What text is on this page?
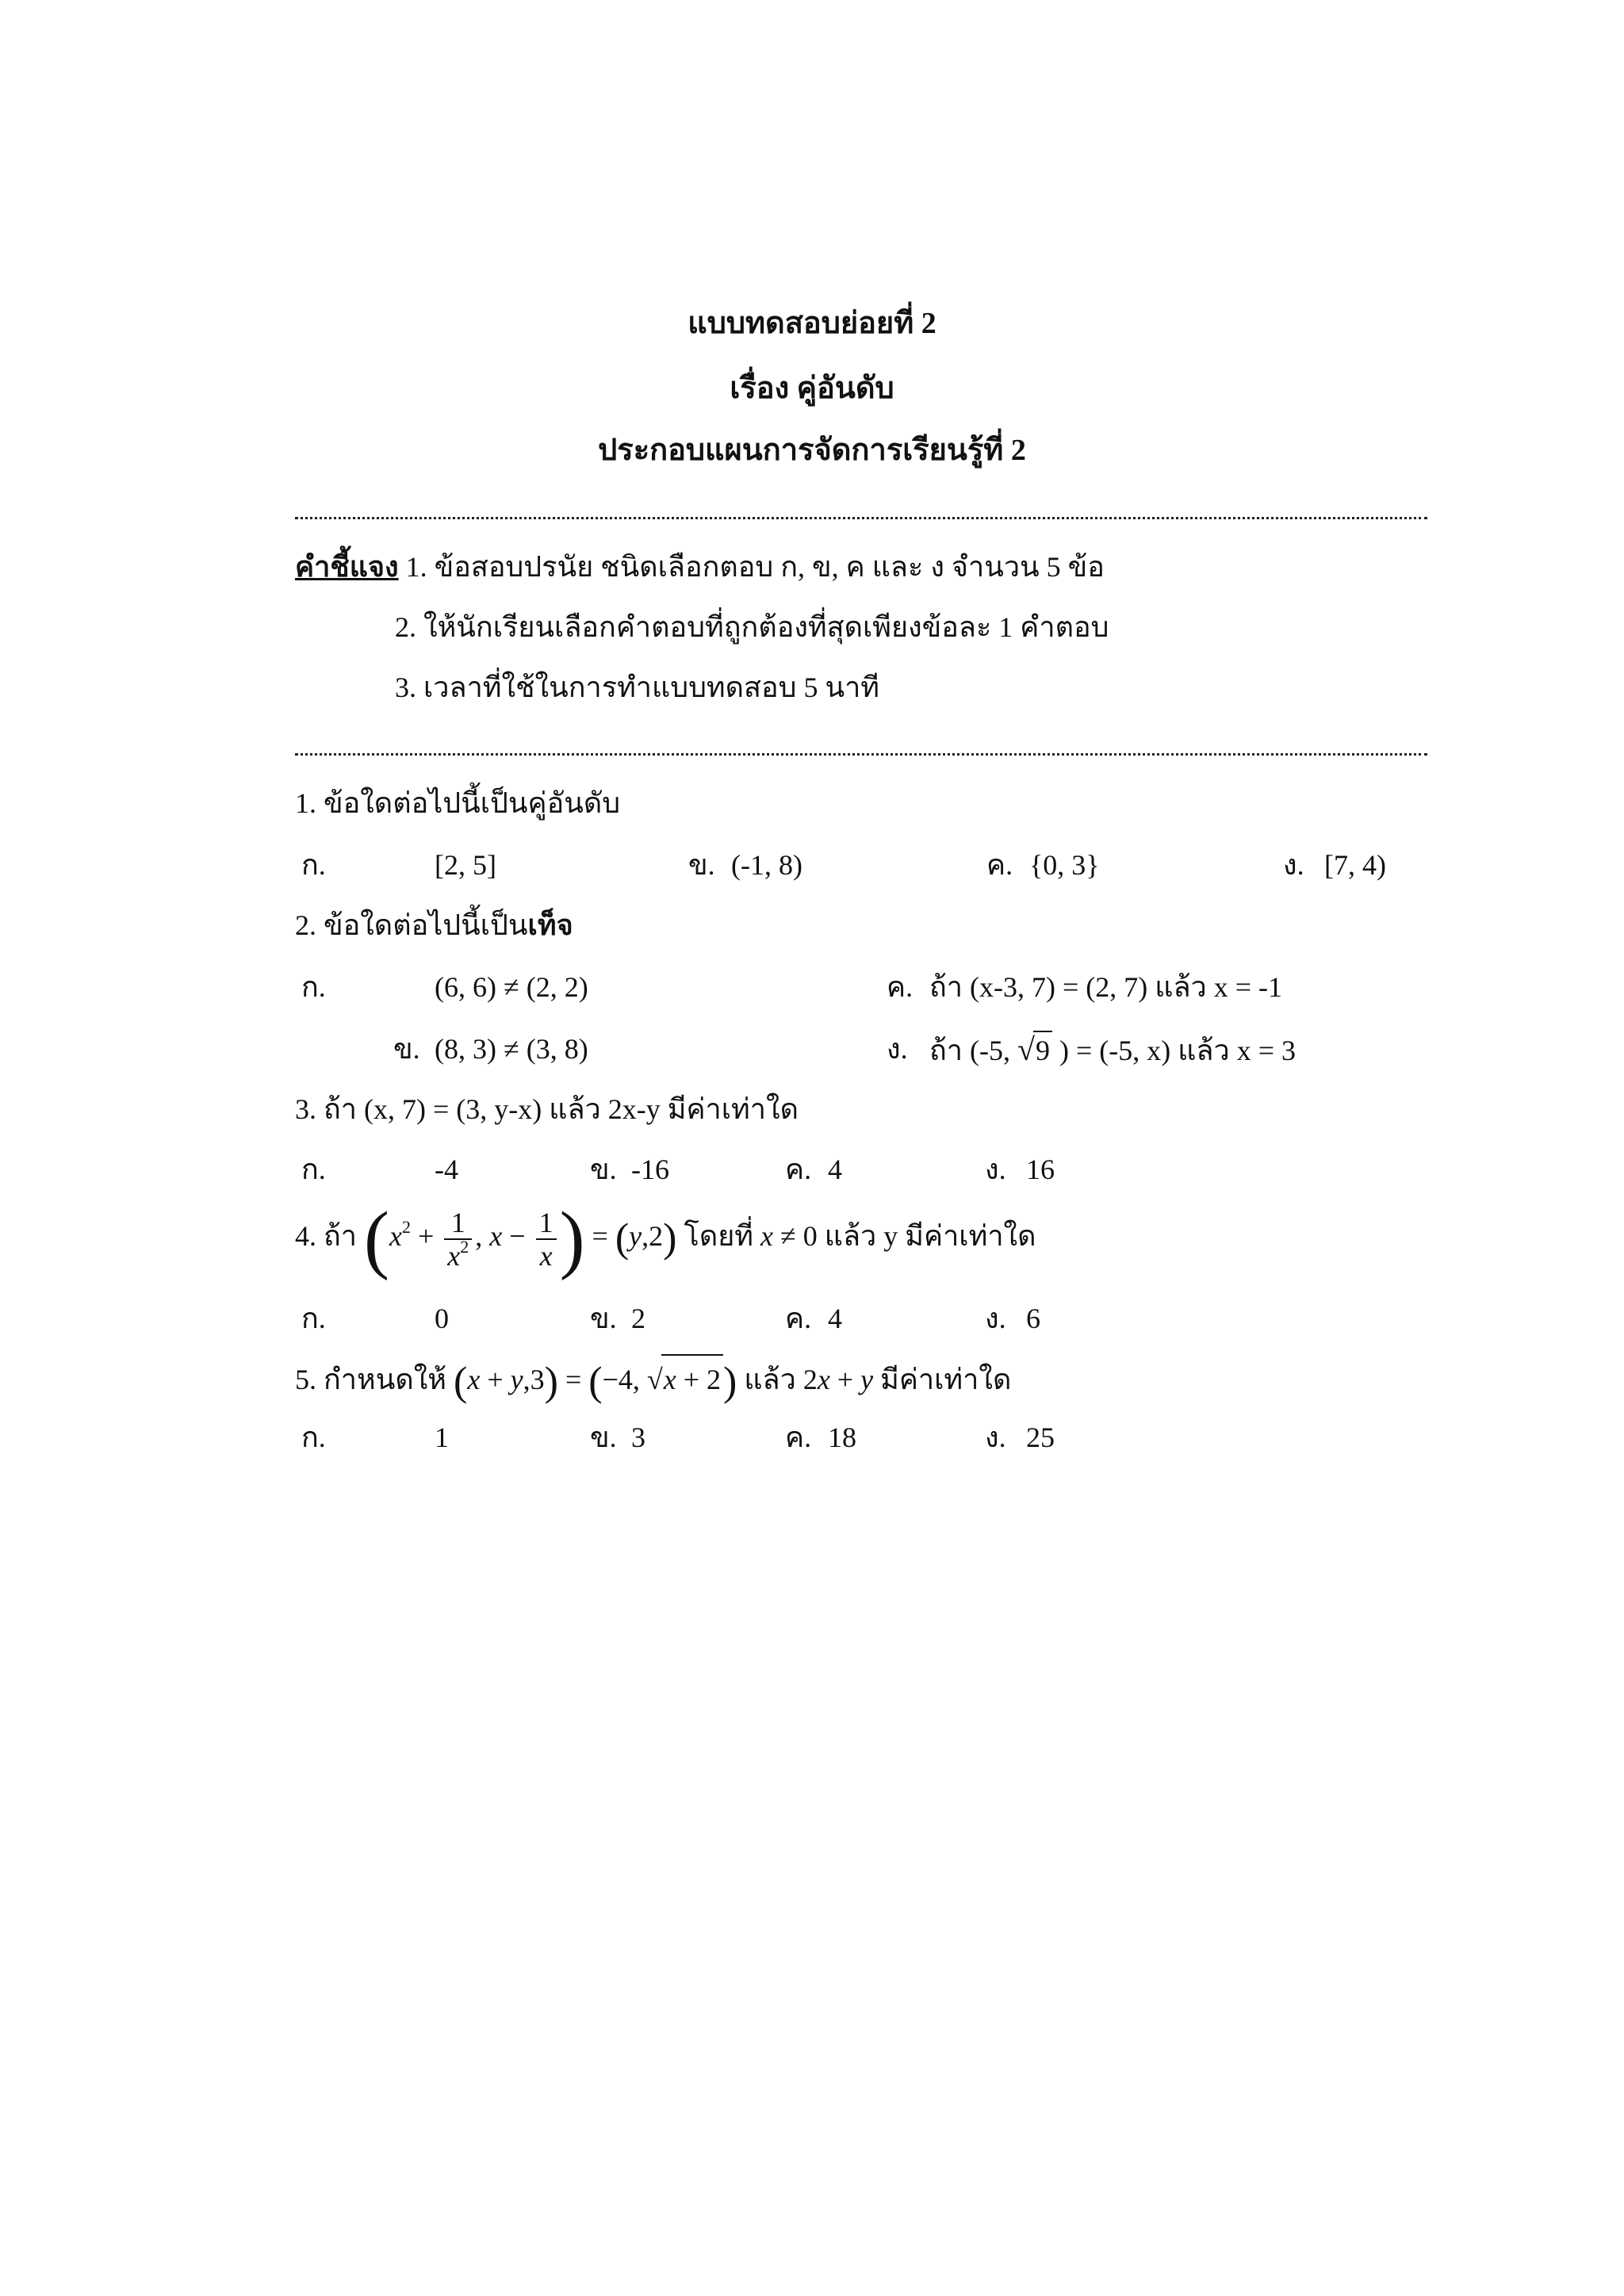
แบบทดสอบย่อยที่ 2
เรื่อง คู่อันดับ
ประกอบแผนการจัดการเรียนรู้ที่ 2
คำชี้แจง 1. ข้อสอบปรนัย ชนิดเลือกตอบ ก, ข, ค และ ง จำนวน 5 ข้อ
2. ให้นักเรียนเลือกคำตอบที่ถูกต้องที่สุดเพียงข้อละ 1 คำตอบ
3. เวลาที่ใช้ในการทำแบบทดสอบ 5 นาที
1. ข้อใดต่อไปนี้เป็นคู่อันดับ
ก.	[2, 5]	ข. (-1, 8)	ค. {0, 3}	ง. [7, 4)
2. ข้อใดต่อไปนี้เป็นเท็จ
ก.	(6, 6) ≠ (2, 2)	ค. ถ้า (x-3, 7) = (2, 7) แล้ว x = -1
ข. (8, 3) ≠ (3, 8)	ง. ถ้า (-5, √9 ) = (-5, x) แล้ว x = 3
3. ถ้า (x, 7) = (3, y-x) แล้ว 2x-y มีค่าเท่าใด
ก.	-4	ข. -16	ค. 4	ง. 16
4. ถ้า ($x^2 + \frac{1}{x^2}$ , $x - \frac{1}{x}$ ) = (y,2) โดยที่ x ≠ 0 แล้ว y มีค่าเท่าใด
ก.	0	ข. 2	ค. 4	ง. 6
5. กำหนดให้ (x + y,3) = (−4, √x + 2) แล้ว 2x + y มีค่าเท่าใด
ก.	1	ข. 3	ค. 18	ง. 25
